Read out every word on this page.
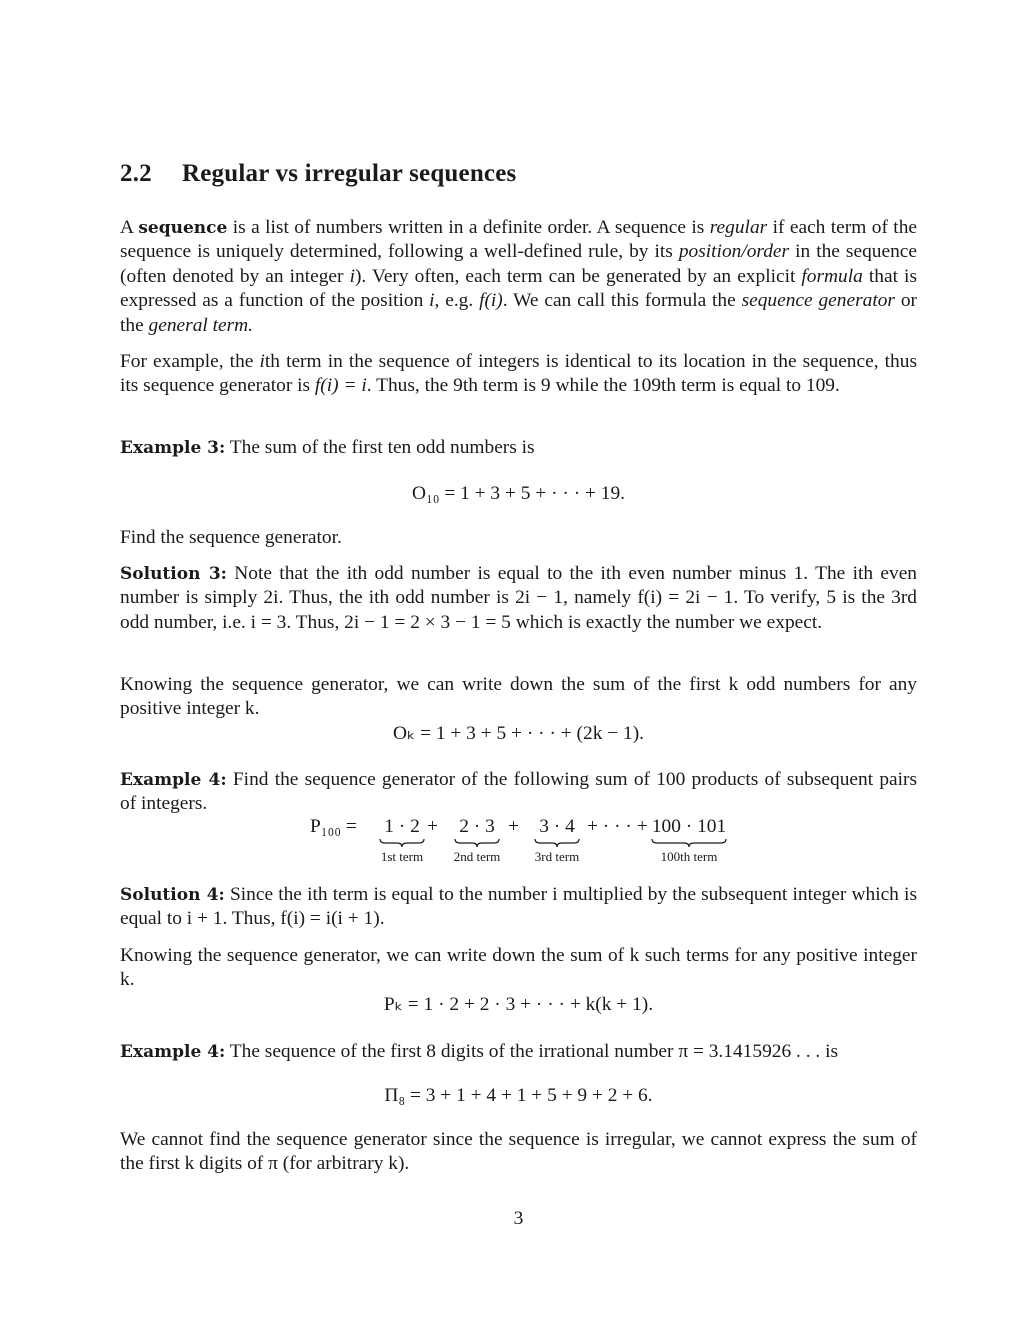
2.2 Regular vs irregular sequences

A sequence is a list of numbers written in a definite order. A sequence is regular if each term of the sequence is uniquely determined, following a well-defined rule, by its position/order in the sequence (often denoted by an integer i). Very often, each term can be generated by an explicit formula that is expressed as a function of the position i, e.g. f(i). We can call this formula the sequence generator or the general term.

For example, the ith term in the sequence of integers is identical to its location in the sequence, thus its sequence generator is f(i) = i. Thus, the 9th term is 9 while the 109th term is equal to 109.

Example 3: The sum of the first ten odd numbers is

O₁₀ = 1 + 3 + 5 + · · · + 19.

Find the sequence generator.

Solution 3: Note that the ith odd number is equal to the ith even number minus 1. The ith even number is simply 2i. Thus, the ith odd number is 2i − 1, namely f(i) = 2i − 1. To verify, 5 is the 3rd odd number, i.e. i = 3. Thus, 2i − 1 = 2 × 3 − 1 = 5 which is exactly the number we expect.

Knowing the sequence generator, we can write down the sum of the first k odd numbers for any positive integer k.

Oₖ = 1 + 3 + 5 + · · · + (2k − 1).

Example 4: Find the sequence generator of the following sum of 100 products of subsequent pairs of integers.

P₁₀₀ =	1 · 2
1st term
+	2 · 3
2nd term
+	3 · 4
3rd term
+ · · · + 100 · 101
100th term

Solution 4: Since the ith term is equal to the number i multiplied by the subsequent integer which is equal to i + 1. Thus, f(i) = i(i + 1).

Knowing the sequence generator, we can write down the sum of k such terms for any positive integer k.

Pₖ = 1 · 2 + 2 · 3 + · · · + k(k + 1).

Example 4: The sequence of the first 8 digits of the irrational number π = 3.1415926 . . . is

Π₈ = 3 + 1 + 4 + 1 + 5 + 9 + 2 + 6.

We cannot find the sequence generator since the sequence is irregular, we cannot express the sum of the first k digits of π (for arbitrary k).

3
